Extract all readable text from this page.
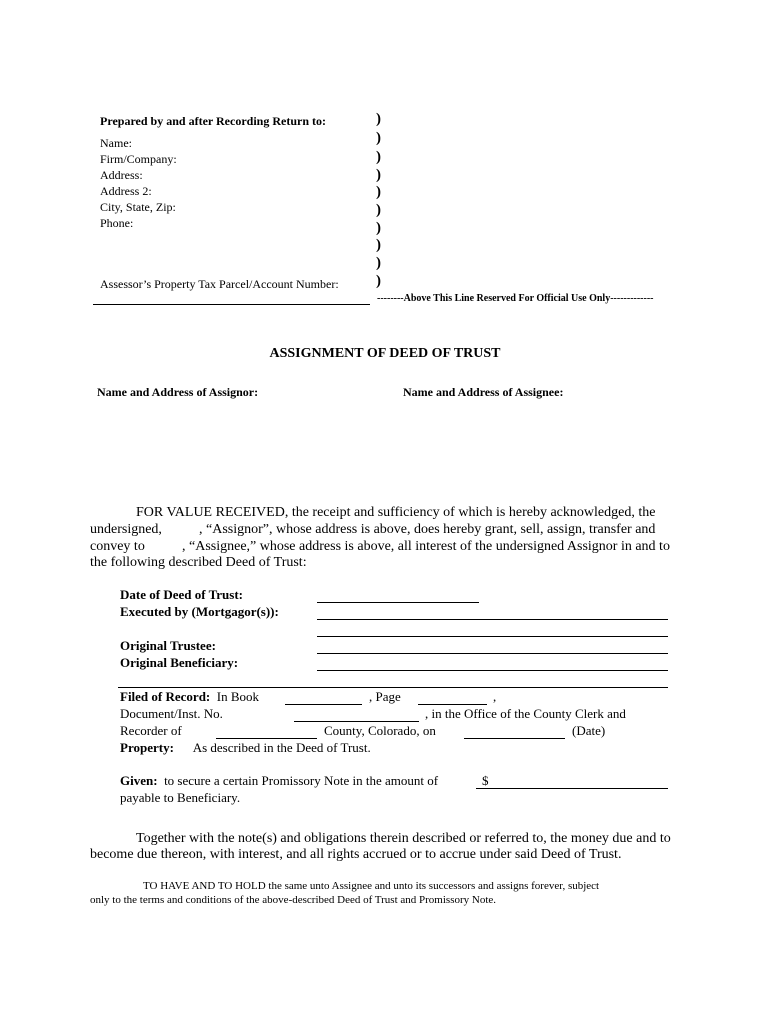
Prepared by and after Recording Return to:
Name:
Firm/Company:
Address:
Address 2:
City, State, Zip:
Phone:
Assessor’s Property Tax Parcel/Account Number:
)
)
)
)
)
)
)
)
)
)
--------Above This Line Reserved For Official Use Only-------------
ASSIGNMENT OF DEED OF TRUST
Name and Address of Assignor:	Name and Address of Assignee:
FOR VALUE RECEIVED, the receipt and sufficiency of which is hereby acknowledged, the
undersigned,	, “Assignor”, whose address is above, does hereby grant, sell, assign, transfer and
convey to	, “Assignee,” whose address is above, all interest of the undersigned Assignor in and to
the following described Deed of Trust:
Date of Deed of Trust:
Executed by (Mortgagor(s)):
Original Trustee:
Original Beneficiary:
Filed of Record: In Book	, Page	,
Document/Inst. No.	, in the Office of the County Clerk and
Recorder of	County, Colorado, on	(Date)
Property: As described in the Deed of Trust.
Given: to secure a certain Promissory Note in the amount of	$
payable to Beneficiary.
Together with the note(s) and obligations therein described or referred to, the money due and to
become due thereon, with interest, and all rights accrued or to accrue under said Deed of Trust.
TO HAVE AND TO HOLD the same unto Assignee and unto its successors and assigns forever, subject
only to the terms and conditions of the above-described Deed of Trust and Promissory Note.
